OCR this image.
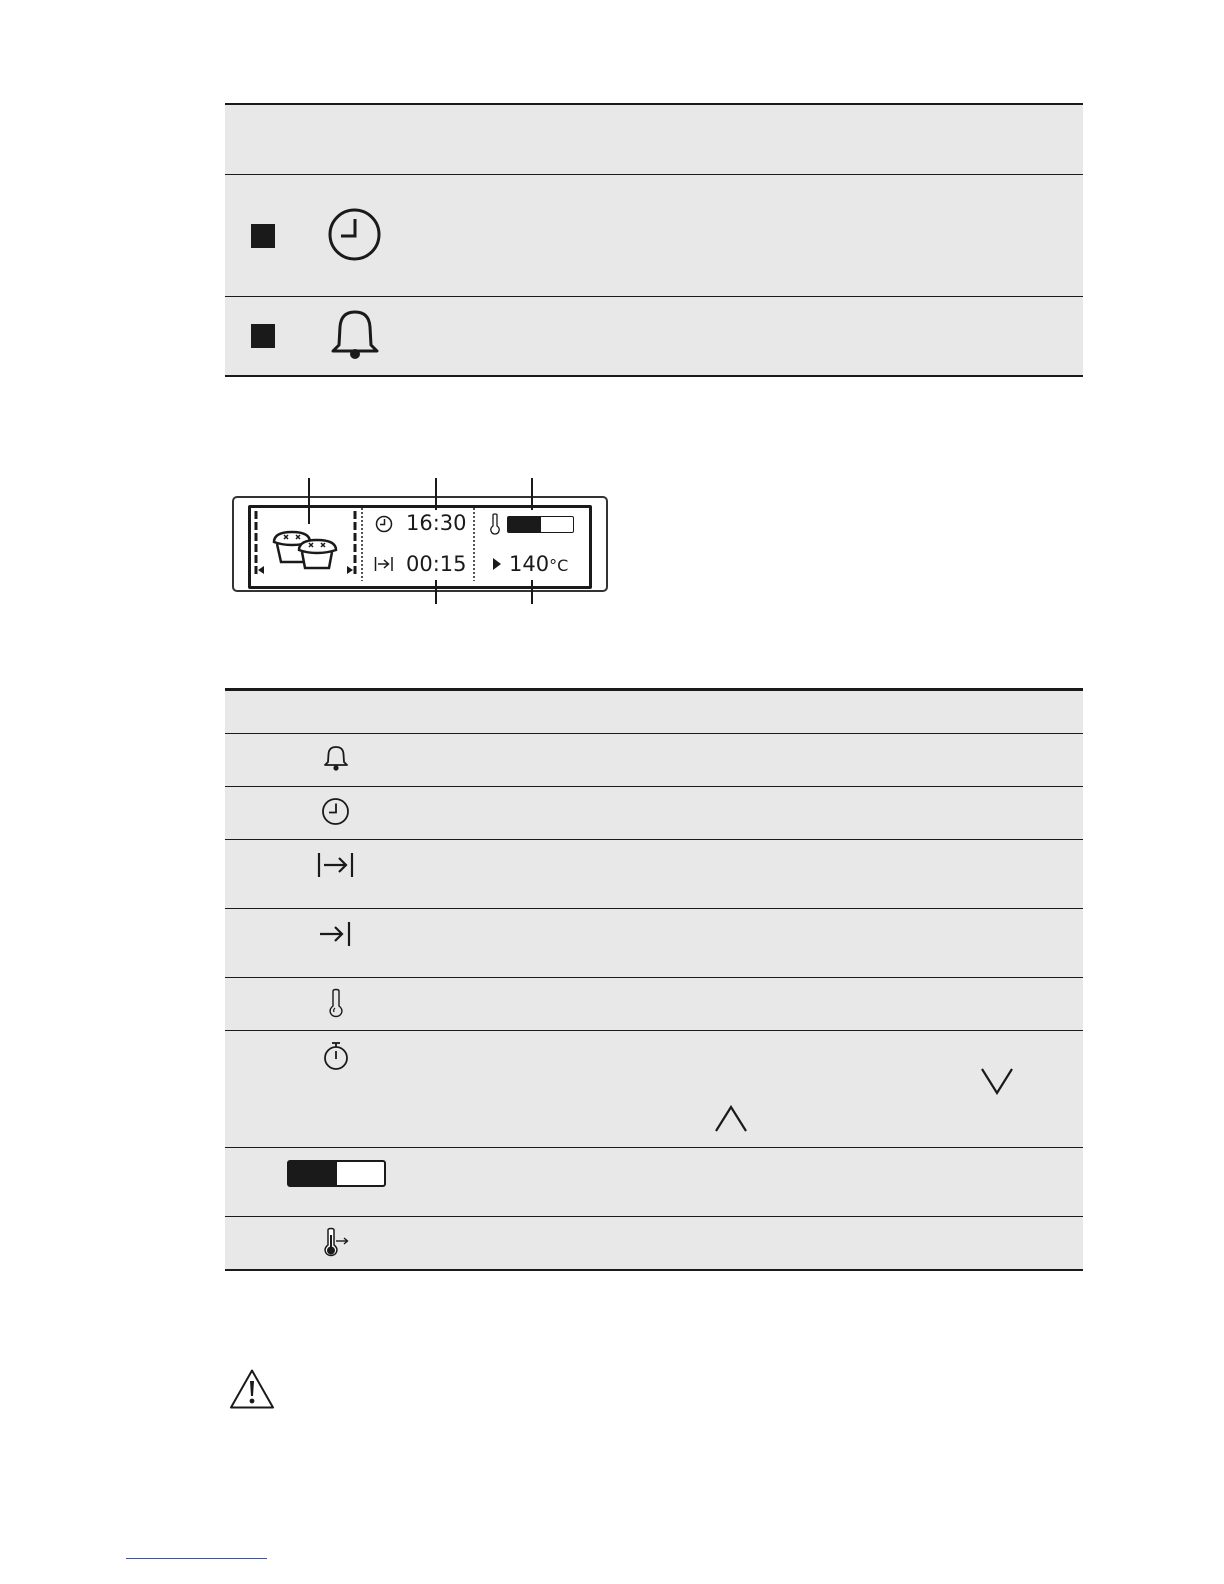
16:30
00:15 140°C
